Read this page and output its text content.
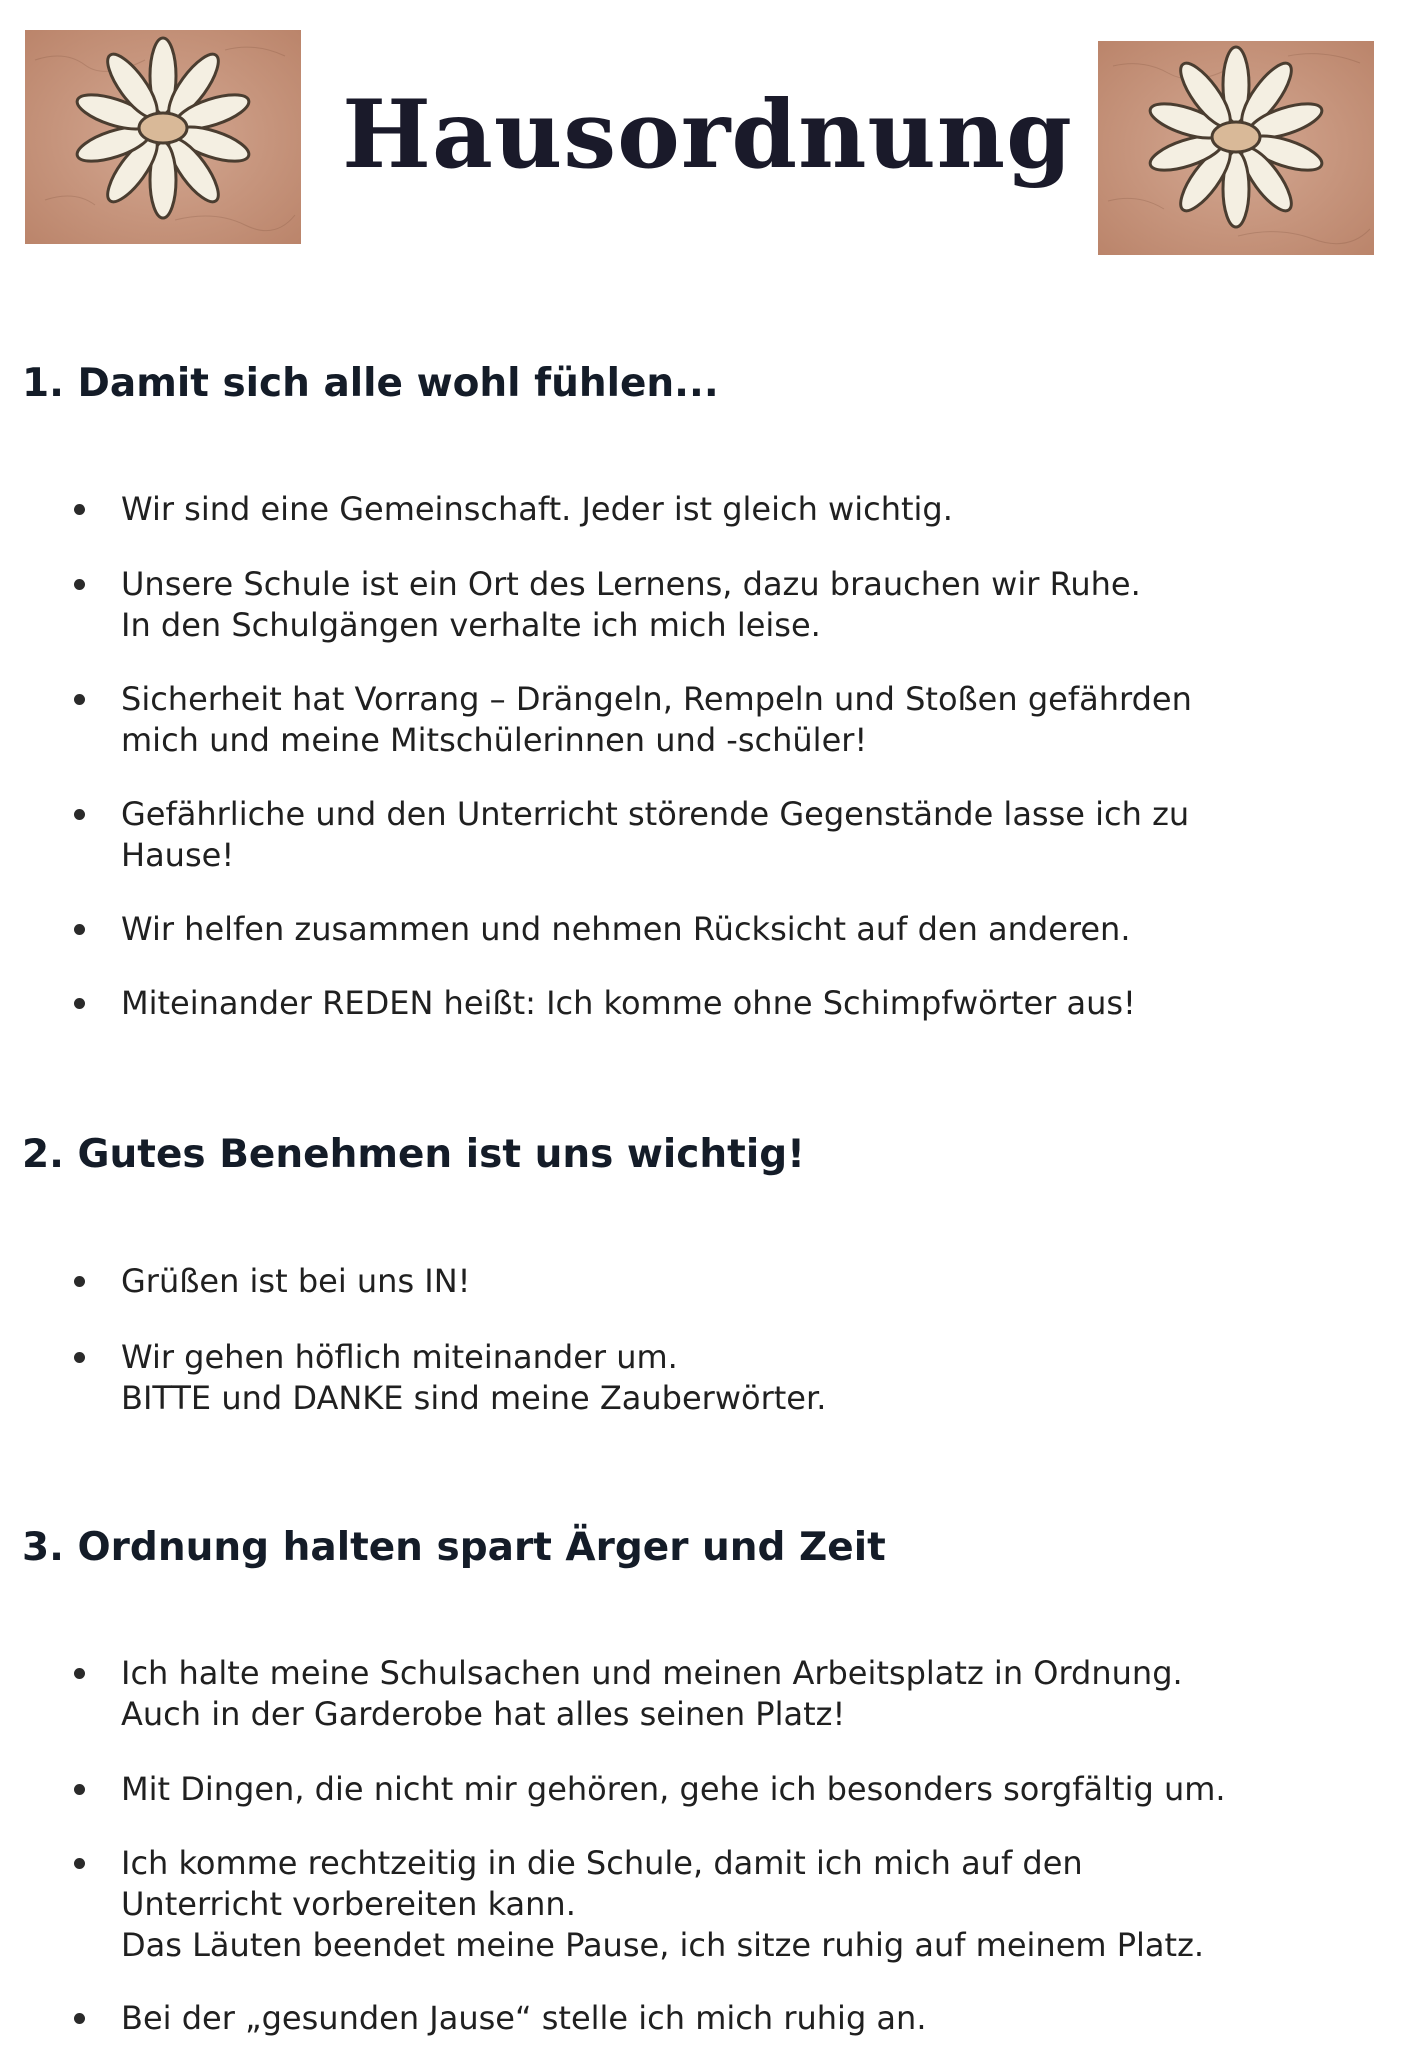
Hausordnung
1. Damit sich alle wohl fühlen...
Wir sind eine Gemeinschaft. Jeder ist gleich wichtig.
Unsere Schule ist ein Ort des Lernens, dazu brauchen wir Ruhe.
In den Schulgängen verhalte ich mich leise.
Sicherheit hat Vorrang – Drängeln, Rempeln und Stoßen gefährden
mich und meine Mitschülerinnen und -schüler!
Gefährliche und den Unterricht störende Gegenstände lasse ich zu
Hause!
Wir helfen zusammen und nehmen Rücksicht auf den anderen.
Miteinander REDEN heißt: Ich komme ohne Schimpfwörter aus!
2. Gutes Benehmen ist uns wichtig!
Grüßen ist bei uns IN!
Wir gehen höflich miteinander um.
BITTE und DANKE sind meine Zauberwörter.
3. Ordnung halten spart Ärger und Zeit
Ich halte meine Schulsachen und meinen Arbeitsplatz in Ordnung.
Auch in der Garderobe hat alles seinen Platz!
Mit Dingen, die nicht mir gehören, gehe ich besonders sorgfältig um.
Ich komme rechtzeitig in die Schule, damit ich mich auf den
Unterricht vorbereiten kann.
Das Läuten beendet meine Pause, ich sitze ruhig auf meinem Platz.
Bei der „gesunden Jause“ stelle ich mich ruhig an.
